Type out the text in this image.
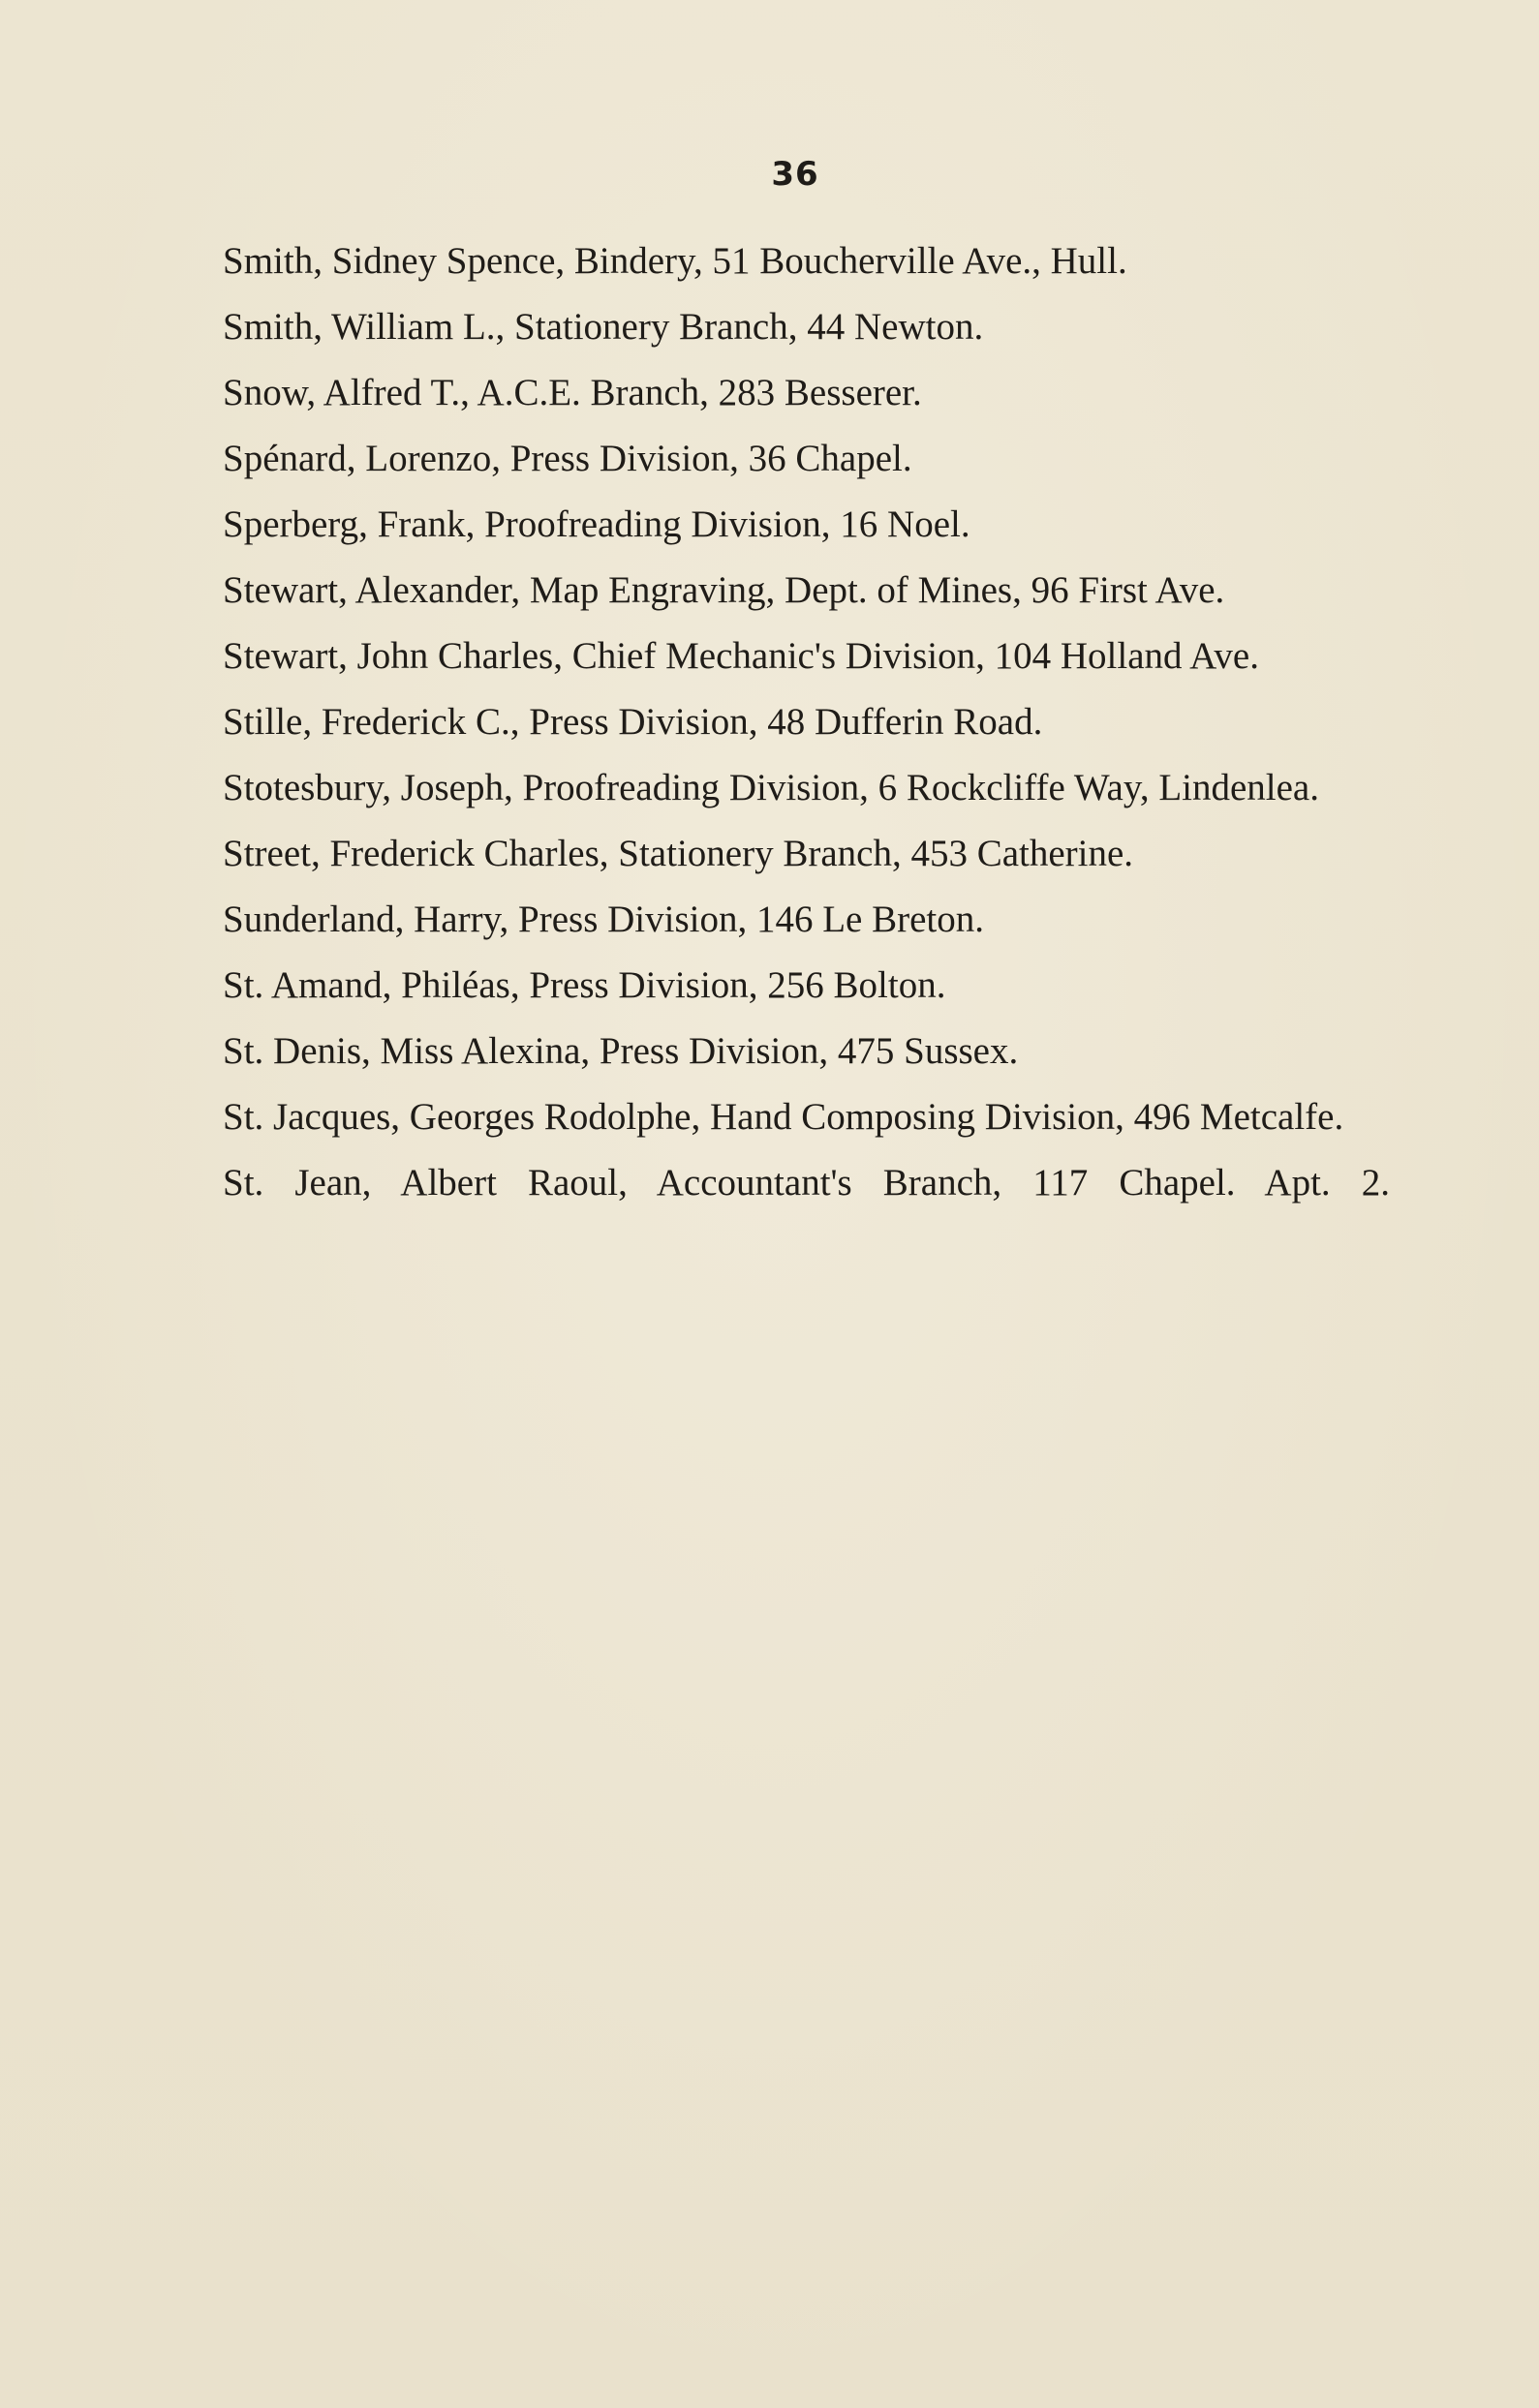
36
Smith, Sidney Spence, Bindery, 51 Boucherville Ave., Hull.
Smith, William L., Stationery Branch, 44 Newton.
Snow, Alfred T., A.C.E. Branch, 283 Besserer.
Spénard, Lorenzo, Press Division, 36 Chapel.
Sperberg, Frank, Proofreading Division, 16 Noel.
Stewart, Alexander, Map Engraving, Dept. of Mines, 96 First Ave.
Stewart, John Charles, Chief Mechanic's Division, 104 Holland Ave.
Stille, Frederick C., Press Division, 48 Dufferin Road.
Stotesbury, Joseph, Proofreading Division, 6 Rockcliffe Way, Lindenlea.
Street, Frederick Charles, Stationery Branch, 453 Catherine.
Sunderland, Harry, Press Division, 146 Le Breton.
St. Amand, Philéas, Press Division, 256 Bolton.
St. Denis, Miss Alexina, Press Division, 475 Sussex.
St. Jacques, Georges Rodolphe, Hand Composing Division, 496 Metcalfe.
St. Jean, Albert Raoul, Accountant's Branch, 117 Chapel. Apt. 2.
